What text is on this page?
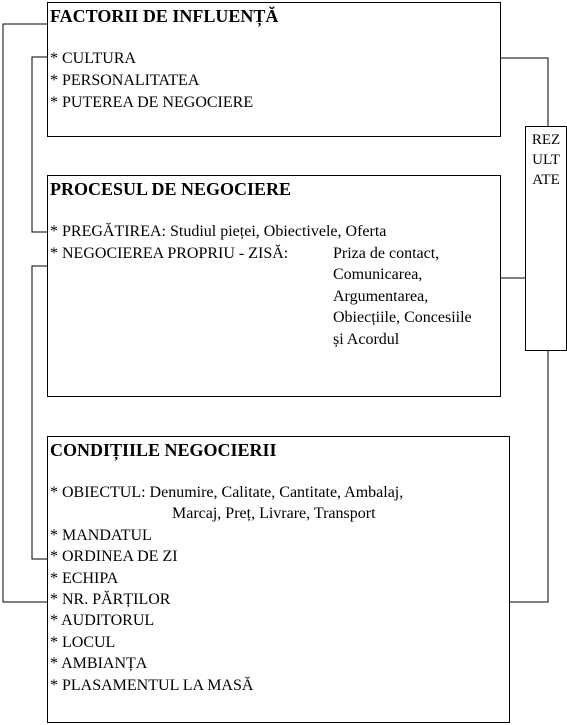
REZ
ULT
ATE
FACTORII DE INFLUENȚĂ
* CULTURA
* PERSONALITATEA
* PUTEREA DE NEGOCIERE
PROCESUL DE NEGOCIERE
* PREGĂTIREA: Studiul pieței, Obiectivele, Oferta
* NEGOCIEREA PROPRIU - ZISĂ:	Priza de contact,
Comunicarea,
Argumentarea,
Obiecțiile, Concesiile
și Acordul
CONDIȚIILE NEGOCIERII
* OBIECTUL: Denumire, Calitate, Cantitate, Ambalaj,
Marcaj, Preț, Livrare, Transport
* MANDATUL
* ORDINEA DE ZI
* ECHIPA
* NR. PĂRȚILOR
* AUDITORUL
* LOCUL
* AMBIANȚA
* PLASAMENTUL LA MASĂ
